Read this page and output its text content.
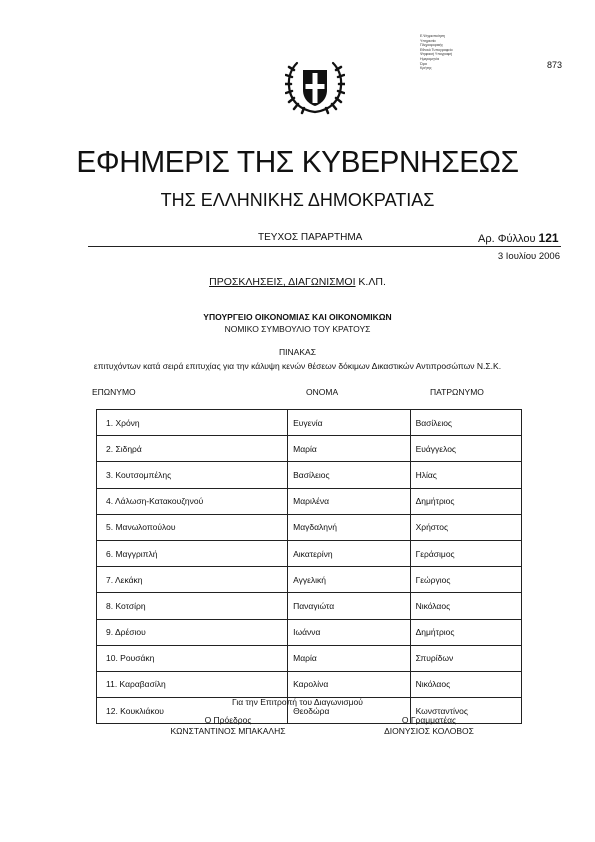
Ε.Ψηφιοποίηση
Υπηρεσία
Πληροφορικής
Εθνικό Τυπογραφείο
Ψηφιακή Υπογραφή
Ημερομηνία
Ώρα
Κρήτης	873
ΕΦΗΜΕΡΙΣ ΤΗΣ ΚΥΒΕΡΝΗΣΕΩΣ
ΤΗΣ ΕΛΛΗΝΙΚΗΣ ΔΗΜΟΚΡΑΤΙΑΣ
ΤΕΥΧΟΣ ΠΑΡΑΡΤΗΜΑ	Αρ. Φύλλου 121
3 Ιουλίου 2006
ΠΡΟΣΚΛΗΣΕΙΣ, ΔΙΑΓΩΝΙΣΜΟΙ Κ.ΛΠ.
ΥΠΟΥΡΓΕΙΟ ΟΙΚΟΝΟΜΙΑΣ ΚΑΙ ΟΙΚΟΝΟΜΙΚΩΝ
ΝΟΜΙΚΟ ΣΥΜΒΟΥΛΙΟ ΤΟΥ ΚΡΑΤΟΥΣ
ΠΙΝΑΚΑΣ
επιτυχόντων κατά σειρά επιτυχίας για την κάλυψη κενών θέσεων δόκιμων Δικαστικών Αντιπροσώπων Ν.Σ.Κ.
ΕΠΩΝΥΜΟ	ΟΝΟΜΑ	ΠΑΤΡΩΝΥΜΟ
1. Χρόνη	Ευγενία	Βασίλειος
2. Σιδηρά	Μαρία	Ευάγγελος
3. Κουτσομπέλης	Βασίλειος	Ηλίας
4. Λάλωση-Κατακουζηνού	Μαριλένα	Δημήτριος
5. Μανωλοπούλου	Μαγδαληνή	Χρήστος
6. Μαγγριπλή	Αικατερίνη	Γεράσιμος
7. Λεκάκη	Αγγελική	Γεώργιος
8. Κοτσίρη	Παναγιώτα	Νικόλαος
9. Δρέσιου	Ιωάννα	Δημήτριος
10. Ρουσάκη	Μαρία	Σπυρίδων
11. Καραβασίλη	Καρολίνα	Νικόλαος
12. Κουκλιάκου	Θεοδώρα	Κωνσταντίνος
Για την Επιτροπή του Διαγωνισμού
Ο Πρόεδρος
ΚΩΝΣΤΑΝΤΙΝΟΣ ΜΠΑΚΑΛΗΣ
Ο Γραμματέας
ΔΙΟΝΥΣΙΟΣ ΚΟΛΟΒΟΣ
